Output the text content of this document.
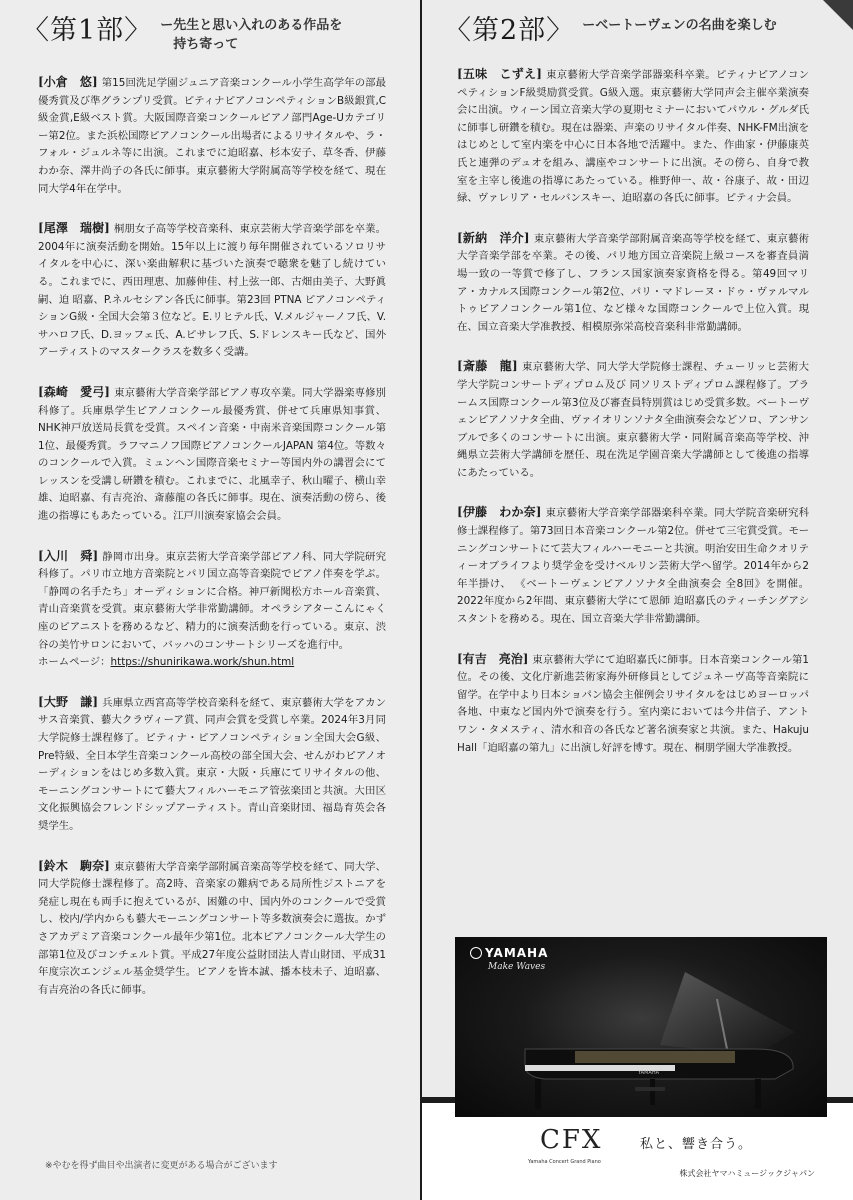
〈第1部〉 ー先生と思い入れのある作品を
持ち寄って

[小倉　悠] 第15回洗足学園ジュニア音楽コンクール小学生高学年の部最優秀賞及び準グランプリ受賞。ピティナピアノコンペティションB級銀賞,C級金賞,E級ベスト賞。大阪国際音楽コンクールピアノ部門Age-Uカテゴリー第2位。また浜松国際ピアノコンクール出場者によるリサイタルや、ラ・フォル・ジュルネ等に出演。これまでに迫昭嘉、杉本安子、草冬香、伊藤わか奈、澤井尚子の各氏に師事。東京藝術大学附属高等学校を経て、現在同大学4年在学中。

[尾澤　瑞樹] 桐朋女子高等学校音楽科、東京芸術大学音楽学部を卒業。2004年に演奏活動を開始。15年以上に渡り毎年開催されているソロリサイタルを中心に、深い楽曲解釈に基づいた演奏で聴衆を魅了し続けている。これまでに、西田理恵、加藤伸佳、村上弦一郎、古畑由美子、大野眞嗣、迫 昭嘉、P.ネルセシアン各氏に師事。第23回 PTNA ピアノコンペティションG級・全国大会第３位など。E.リヒテル氏、V.メルジャーノフ氏、V.サハロフ氏、D.ヨッフェ氏、A.ピサレフ氏、S.ドレンスキー氏など、国外アーティストのマスタークラスを数多く受講。

[森崎　愛弓] 東京藝術大学音楽学部ピアノ専攻卒業。同大学器楽専修別科修了。兵庫県学生ピアノコンクール最優秀賞、併せて兵庫県知事賞、NHK神戸放送局長賞を受賞。スペイン音楽・中南米音楽国際コンクール第1位、最優秀賞。ラフマニノフ国際ピアノコンクールJAPAN 第4位。等数々のコンクールで入賞。ミュンヘン国際音楽セミナー等国内外の講習会にてレッスンを受講し研鑽を積む。これまでに、北風幸子、秋山曜子、横山幸雄、迫昭嘉、有吉亮治、斎藤龍の各氏に師事。現在、演奏活動の傍ら、後進の指導にもあたっている。江戸川演奏家協会会員。

[入川　舜] 静岡市出身。東京芸術大学音楽学部ピアノ科、同大学院研究科修了。パリ市立地方音楽院とパリ国立高等音楽院でピアノ伴奏を学ぶ。「静岡の名手たち」オーディションに合格。神戸新聞松方ホール音楽賞、青山音楽賞を受賞。東京藝術大学非常勤講師。オペラシアターこんにゃく座のピアニストを務めるなど、精力的に演奏活動を行っている。東京、渋谷の美竹サロンにおいて、バッハのコンサートシリーズを進行中。

ホームページ：https://shunirikawa.work/shun.html

[大野　謙] 兵庫県立西宮高等学校音楽科を経て、東京藝術大学をアカンサス音楽賞、藝大クラヴィーア賞、同声会賞を受賞し卒業。2024年3月同大学院修士課程修了。ピティナ・ピアノコンペティション全国大会G級、Pre特級、全日本学生音楽コンクール高校の部全国大会、せんがわピアノオーディションをはじめ多数入賞。東京・大阪・兵庫にてリサイタルの他、モーニングコンサートにて藝大フィルハーモニア管弦楽団と共演。大田区文化振興協会フレンドシップアーティスト。青山音楽財団、福島育英会各奨学生。

[鈴木　駒奈] 東京藝術大学音楽学部附属音楽高等学校を経て、同大学、同大学院修士課程修了。高2時、音楽家の難病である局所性ジストニアを発症し現在も両手に抱えているが、困難の中、国内外のコンクールで受賞し、校内/学内からも藝大モーニングコンサート等多数演奏会に選抜。かずさアカデミア音楽コンクール最年少第1位。北本ピアノコンクール大学生の部第1位及びコンチェルト賞。平成27年度公益財団法人青山財団、平成31年度宗次エンジェル基金奨学生。ピアノを皆本誠、播本枝未子、迫昭嘉、有吉亮治の各氏に師事。

※やむを得ず曲目や出演者に変更がある場合がございます
〈第2部〉 ーベートーヴェンの名曲を楽しむ

[五味　こずえ] 東京藝術大学音楽学部器楽科卒業。ピティナピアノコンペティションF級奨励賞受賞。G級入選。東京藝術大学同声会主催卒業演奏会に出演。ウィーン国立音楽大学の夏期セミナーにおいてパウル・グルダ氏に師事し研鑽を積む。現在は器楽、声楽のリサイタル伴奏、NHK-FM出演をはじめとして室内楽を中心に日本各地で活躍中。また、作曲家・伊藤康英氏と連弾のデュオを組み、講座やコンサートに出演。その傍ら、自身で教室を主宰し後進の指導にあたっている。椎野伸一、故・谷康子、故・田辺緑、ヴァレリア・セルバンスキー、迫昭嘉の各氏に師事。ピティナ会員。

[新納　洋介] 東京藝術大学音楽学部附属音楽高等学校を経て、東京藝術大学音楽学部を卒業。その後、パリ地方国立音楽院上級コースを審査員満場一致の一等賞で修了し、フランス国家演奏家資格を得る。第49回マリア・カナルス国際コンクール第2位、パリ・マドレーヌ・ドゥ・ヴァルマルトゥピアノコンクール第1位、など様々な国際コンクールで上位入賞。現在、国立音楽大学准教授、相模原弥栄高校音楽科非常勤講師。

[斎藤　龍] 東京藝術大学、同大学大学院修士課程、チューリッヒ芸術大学大学院コンサートディプロム及び 同ソリストディプロム課程修了。ブラームス国際コンクール第3位及び審査員特別賞はじめ受賞多数。ベートーヴェンピアノソナタ全曲、ヴァイオリンソナタ全曲演奏会などソロ、アンサンブルで多くのコンサートに出演。東京藝術大学・同附属音楽高等学校、沖縄県立芸術大学講師を歴任、現在洗足学園音楽大学講師として後進の指導にあたっている。

[伊藤　わか奈] 東京藝術大学音楽学部器楽科卒業。同大学院音楽研究科修士課程修了。第73回日本音楽コンクール第2位。併せて三宅賞受賞。モーニングコンサートにて芸大フィルハーモニーと共演。明治安田生命クオリティーオブライフより奨学金を受けベルリン芸術大学へ留学。2014年から2年半掛け、 《ベートーヴェンピアノソナタ全曲演奏会 全8回》を開催。2022年度から2年間、東京藝術大学にて恩師 迫昭嘉氏のティーチングアシスタントを務める。現在、国立音楽大学非常勤講師。

[有吉　亮治] 東京藝術大学にて迫昭嘉氏に師事。日本音楽コンクール第1位。その後、文化庁新進芸術家海外研修員としてジュネーヴ高等音楽院に留学。在学中より日本ショパン協会主催例会リサイタルをはじめヨーロッパ各地、中東など国内外で演奏を行う。室内楽においては今井信子、アントワン・タメスティ、清水和音の各氏など著名演奏家と共演。また、Hakuju Hall「迫昭嘉の第九」に出演し好評を博す。現在、桐朋学園大学准教授。

YAMAHA
Make Waves
YAMAHA
CFX
Yamaha Concert Grand Piano
私と、響き合う。
株式会社ヤマハミュージックジャパン
